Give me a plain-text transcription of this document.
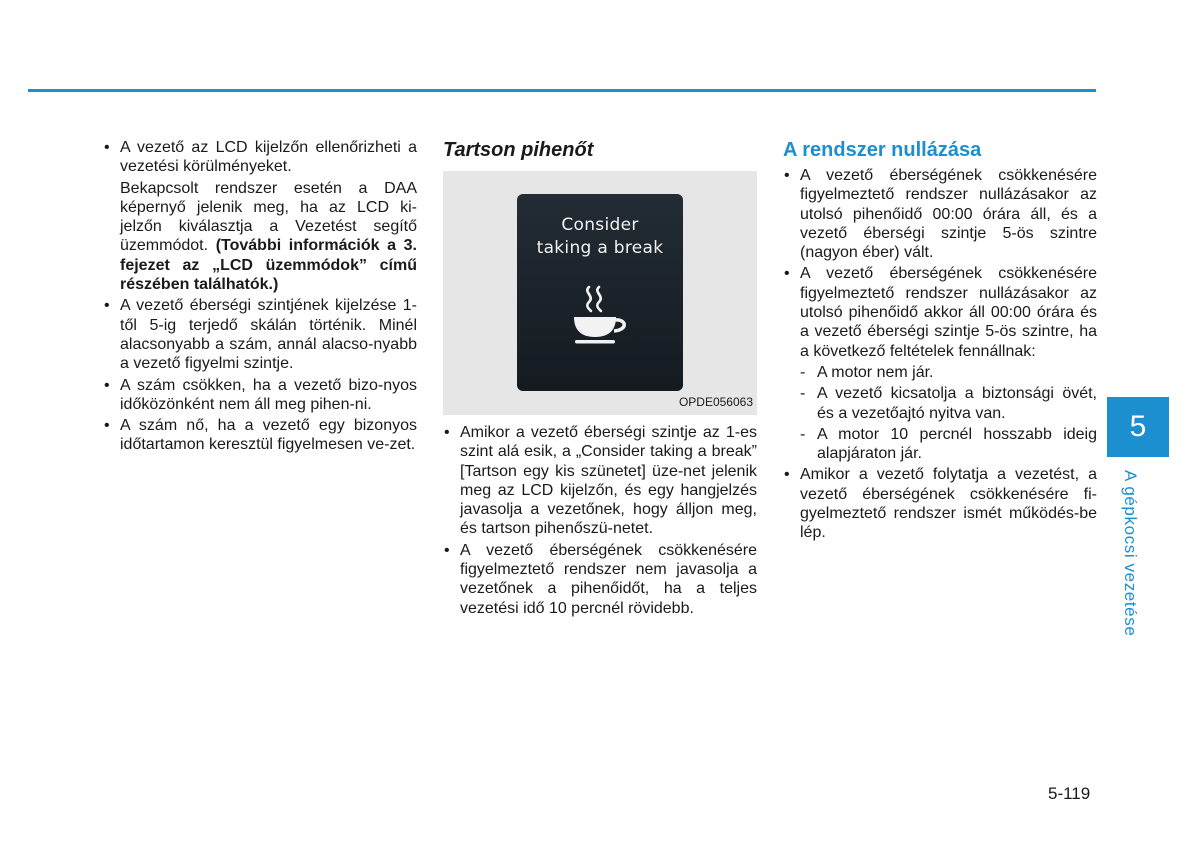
• A vezető az LCD kijelzőn ellenőrizheti a vezetési körülményeket.
Bekapcsolt rendszer esetén a DAA képernyő jelenik meg, ha az LCD ki-jelzőn kiválasztja a Vezetést segítő üzemmódot. (További információk a 3. fejezet az „LCD üzemmódok” című részében találhatók.)
• A vezető éberségi szintjének kijelzése 1-től 5-ig terjedő skálán történik. Minél alacsonyabb a szám, annál alacso-nyabb a vezető figyelmi szintje.
• A szám csökken, ha a vezető bizo-nyos időközönként nem áll meg pihen-ni.
• A szám nő, ha a vezető egy bizonyos időtartamon keresztül figyelmesen ve-zet.
Tartson pihenőt
Consider
taking a break
OPDE056063
• Amikor a vezető éberségi szintje az 1-es szint alá esik, a „Consider taking a break” [Tartson egy kis szünetet] üze-net jelenik meg az LCD kijelzőn, és egy hangjelzés javasolja a vezetőnek, hogy álljon meg, és tartson pihenőszü-netet.
• A vezető éberségének csökkenésére figyelmeztető rendszer nem javasolja a vezetőnek a pihenőidőt, ha a teljes vezetési idő 10 percnél rövidebb.
A rendszer nullázása
• A vezető éberségének csökkenésére figyelmeztető rendszer nullázásakor az utolsó pihenőidő 00:00 órára áll, és a vezető éberségi szintje 5-ös szintre (nagyon éber) vált.
• A vezető éberségének csökkenésére figyelmeztető rendszer nullázásakor az utolsó pihenőidő akkor áll 00:00 órára és a vezető éberségi szintje 5-ös szintre, ha a következő feltételek fennállnak:
- A motor nem jár.
- A vezető kicsatolja a biztonsági övét, és a vezetőajtó nyitva van.
- A motor 10 percnél hosszabb ideig alapjáraton jár.
• Amikor a vezető folytatja a vezetést, a vezető éberségének csökkenésére fi-gyelmeztető rendszer ismét működés-be lép.
5
A gépkocsi vezetése
5-119
